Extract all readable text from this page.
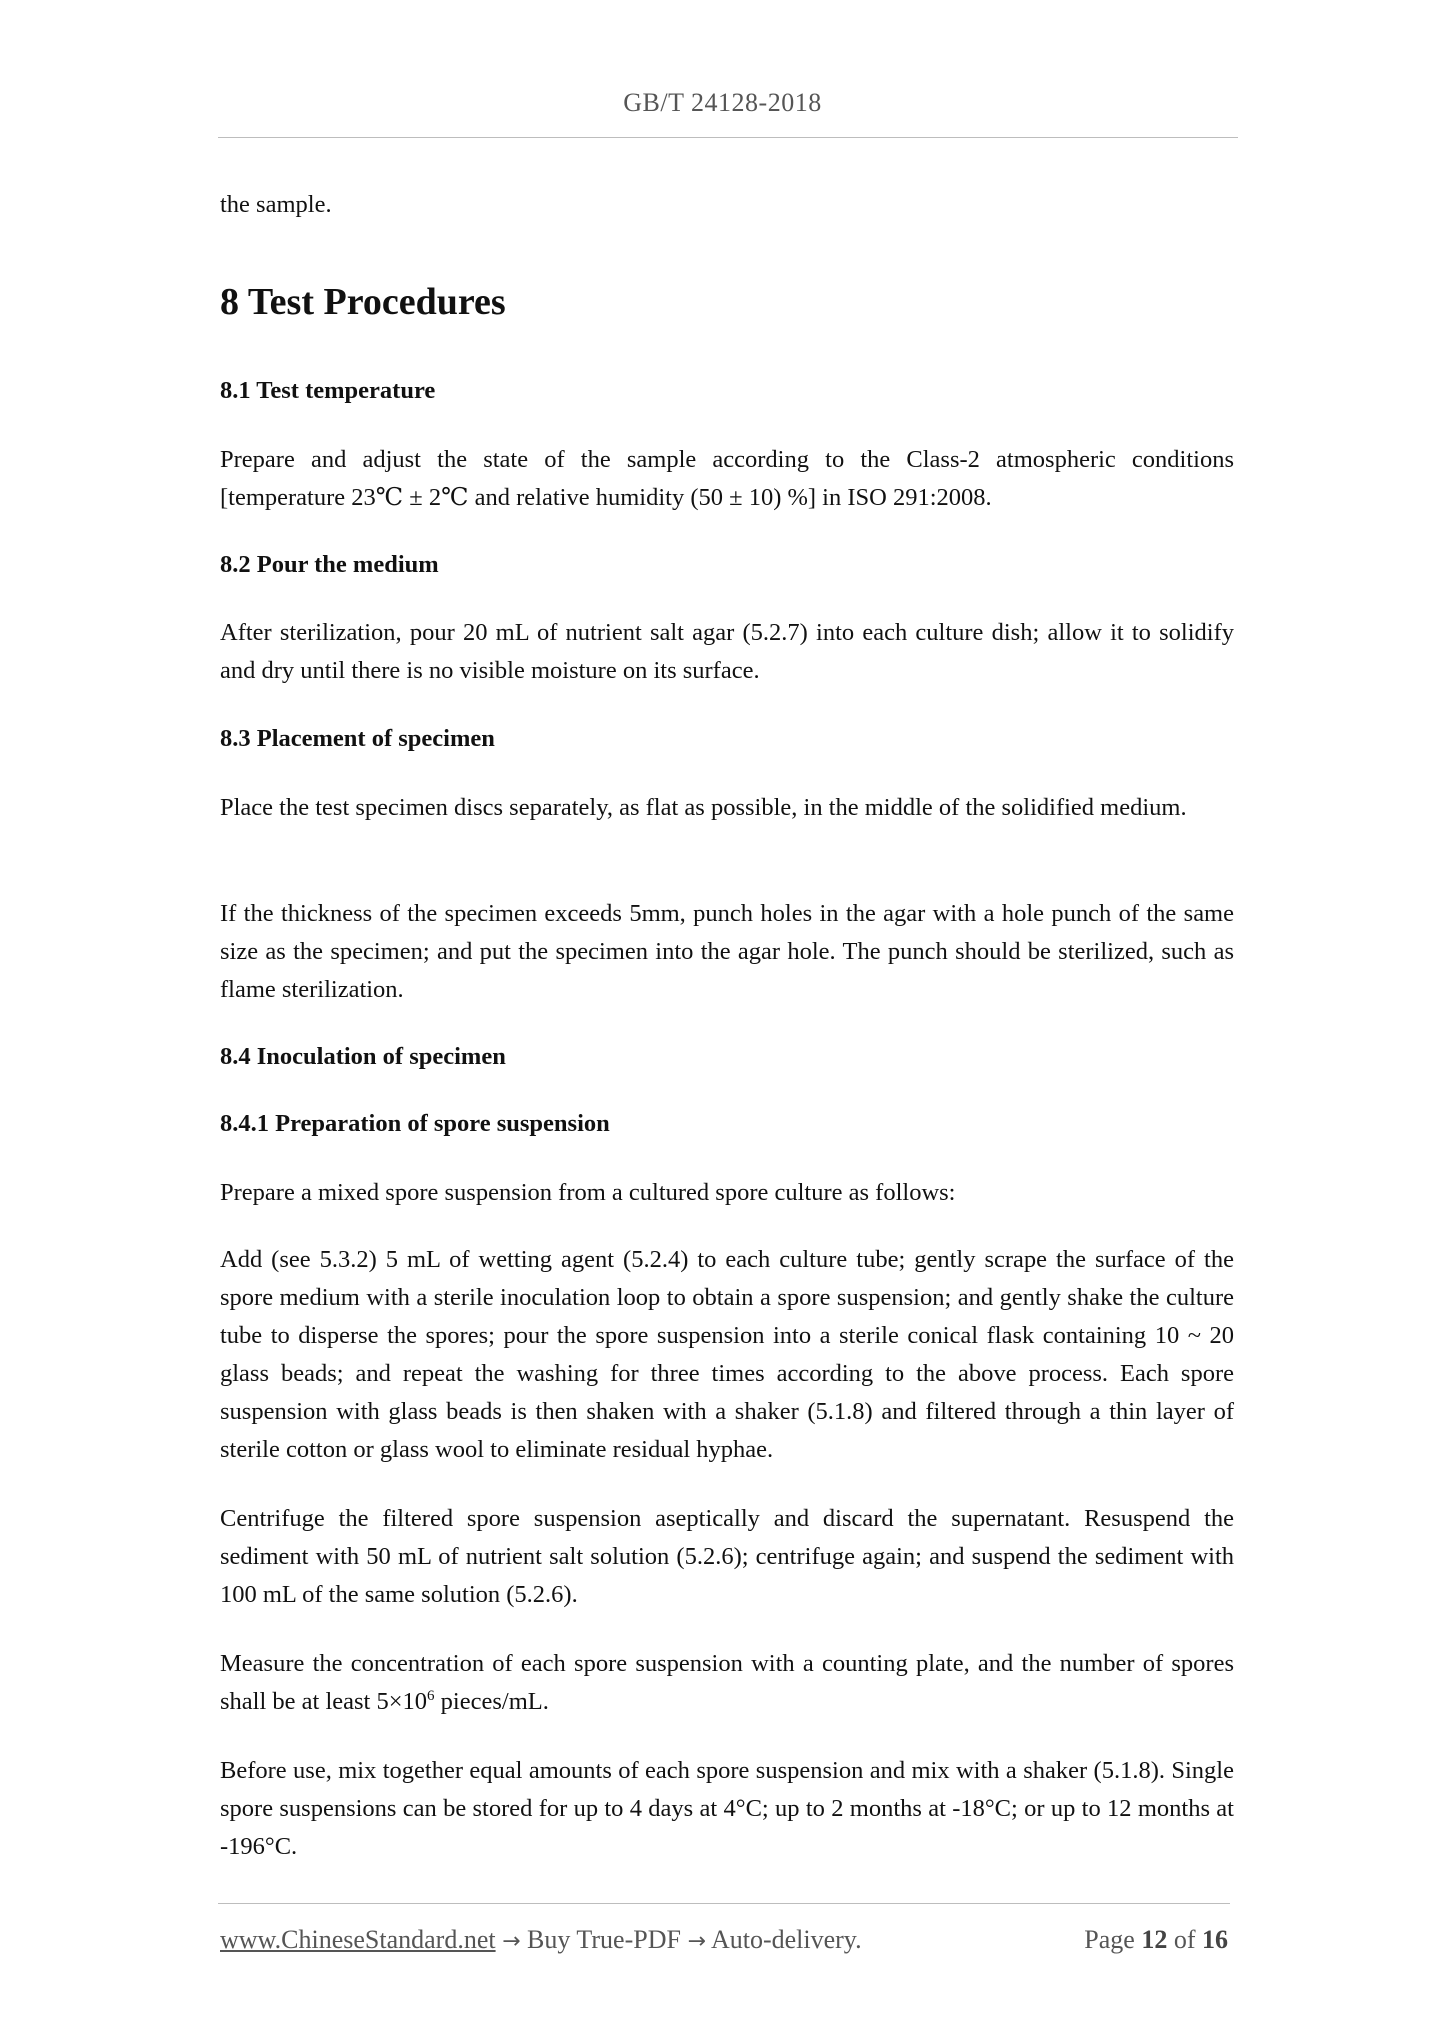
GB/T 24128-2018

the sample.

8 Test Procedures
8.1 Test temperature

Prepare and adjust the state of the sample according to the Class-2 atmospheric conditions [temperature 23℃ ± 2℃ and relative humidity (50 ± 10) %] in ISO 291:2008.

8.2 Pour the medium

After sterilization, pour 20 mL of nutrient salt agar (5.2.7) into each culture dish; allow it to solidify and dry until there is no visible moisture on its surface.

8.3 Placement of specimen

Place the test specimen discs separately, as flat as possible, in the middle of the solidified medium.

If the thickness of the specimen exceeds 5mm, punch holes in the agar with a hole punch of the same size as the specimen; and put the specimen into the agar hole. The punch should be sterilized, such as flame sterilization.

8.4 Inoculation of specimen
8.4.1 Preparation of spore suspension

Prepare a mixed spore suspension from a cultured spore culture as follows:

Add (see 5.3.2) 5 mL of wetting agent (5.2.4) to each culture tube; gently scrape the surface of the spore medium with a sterile inoculation loop to obtain a spore suspension; and gently shake the culture tube to disperse the spores; pour the spore suspension into a sterile conical flask containing 10 ~ 20 glass beads; and repeat the washing for three times according to the above process. Each spore suspension with glass beads is then shaken with a shaker (5.1.8) and filtered through a thin layer of sterile cotton or glass wool to eliminate residual hyphae.

Centrifuge the filtered spore suspension aseptically and discard the supernatant. Resuspend the sediment with 50 mL of nutrient salt solution (5.2.6); centrifuge again; and suspend the sediment with 100 mL of the same solution (5.2.6).

Measure the concentration of each spore suspension with a counting plate, and the number of spores shall be at least $5\times 10^6$ pieces/mL.

Before use, mix together equal amounts of each spore suspension and mix with a shaker (5.1.8). Single spore suspensions can be stored for up to 4 days at 4°C; up to 2 months at -18°C; or up to 12 months at -196°C.

www.ChineseStandard.net → Buy True-PDF → Auto-delivery.	Page 12 of 16
